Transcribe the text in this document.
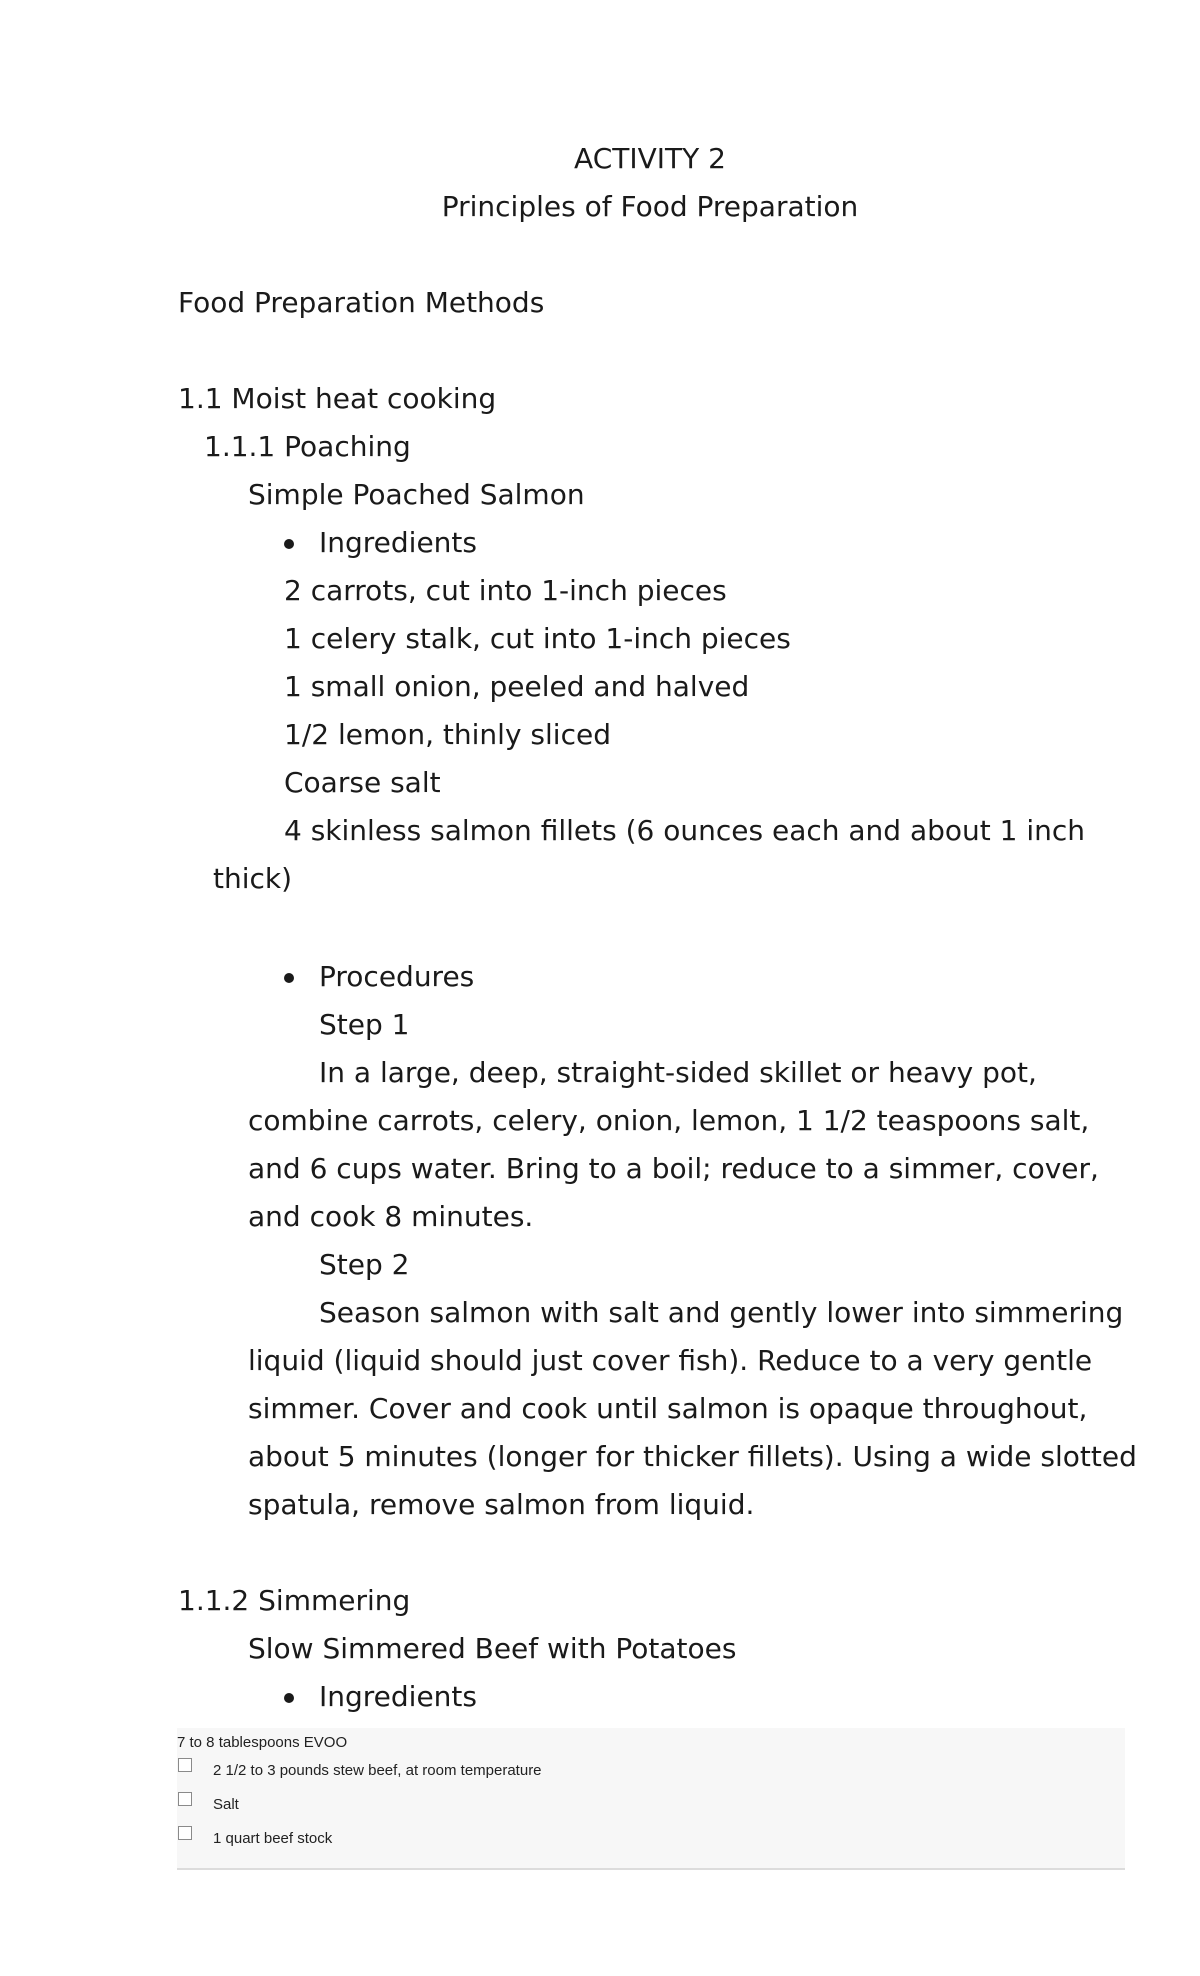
ACTIVITY 2
Principles of Food Preparation
Food Preparation Methods
1.1 Moist heat cooking
1.1.1 Poaching
Simple Poached Salmon
Ingredients
2 carrots, cut into 1-inch pieces
1 celery stalk, cut into 1-inch pieces
1 small onion, peeled and halved
1/2 lemon, thinly sliced
Coarse salt
4 skinless salmon fillets (6 ounces each and about 1 inch
thick)
Procedures
Step 1
In a large, deep, straight-sided skillet or heavy pot,
combine carrots, celery, onion, lemon, 1 1/2 teaspoons salt,
and 6 cups water. Bring to a boil; reduce to a simmer, cover,
and cook 8 minutes.
Step 2
Season salmon with salt and gently lower into simmering
liquid (liquid should just cover fish). Reduce to a very gentle
simmer. Cover and cook until salmon is opaque throughout,
about 5 minutes (longer for thicker fillets). Using a wide slotted
spatula, remove salmon from liquid.
1.1.2 Simmering
Slow Simmered Beef with Potatoes
Ingredients
7 to 8 tablespoons EVOO
2 1/2 to 3 pounds stew beef, at room temperature
Salt
1 quart beef stock
